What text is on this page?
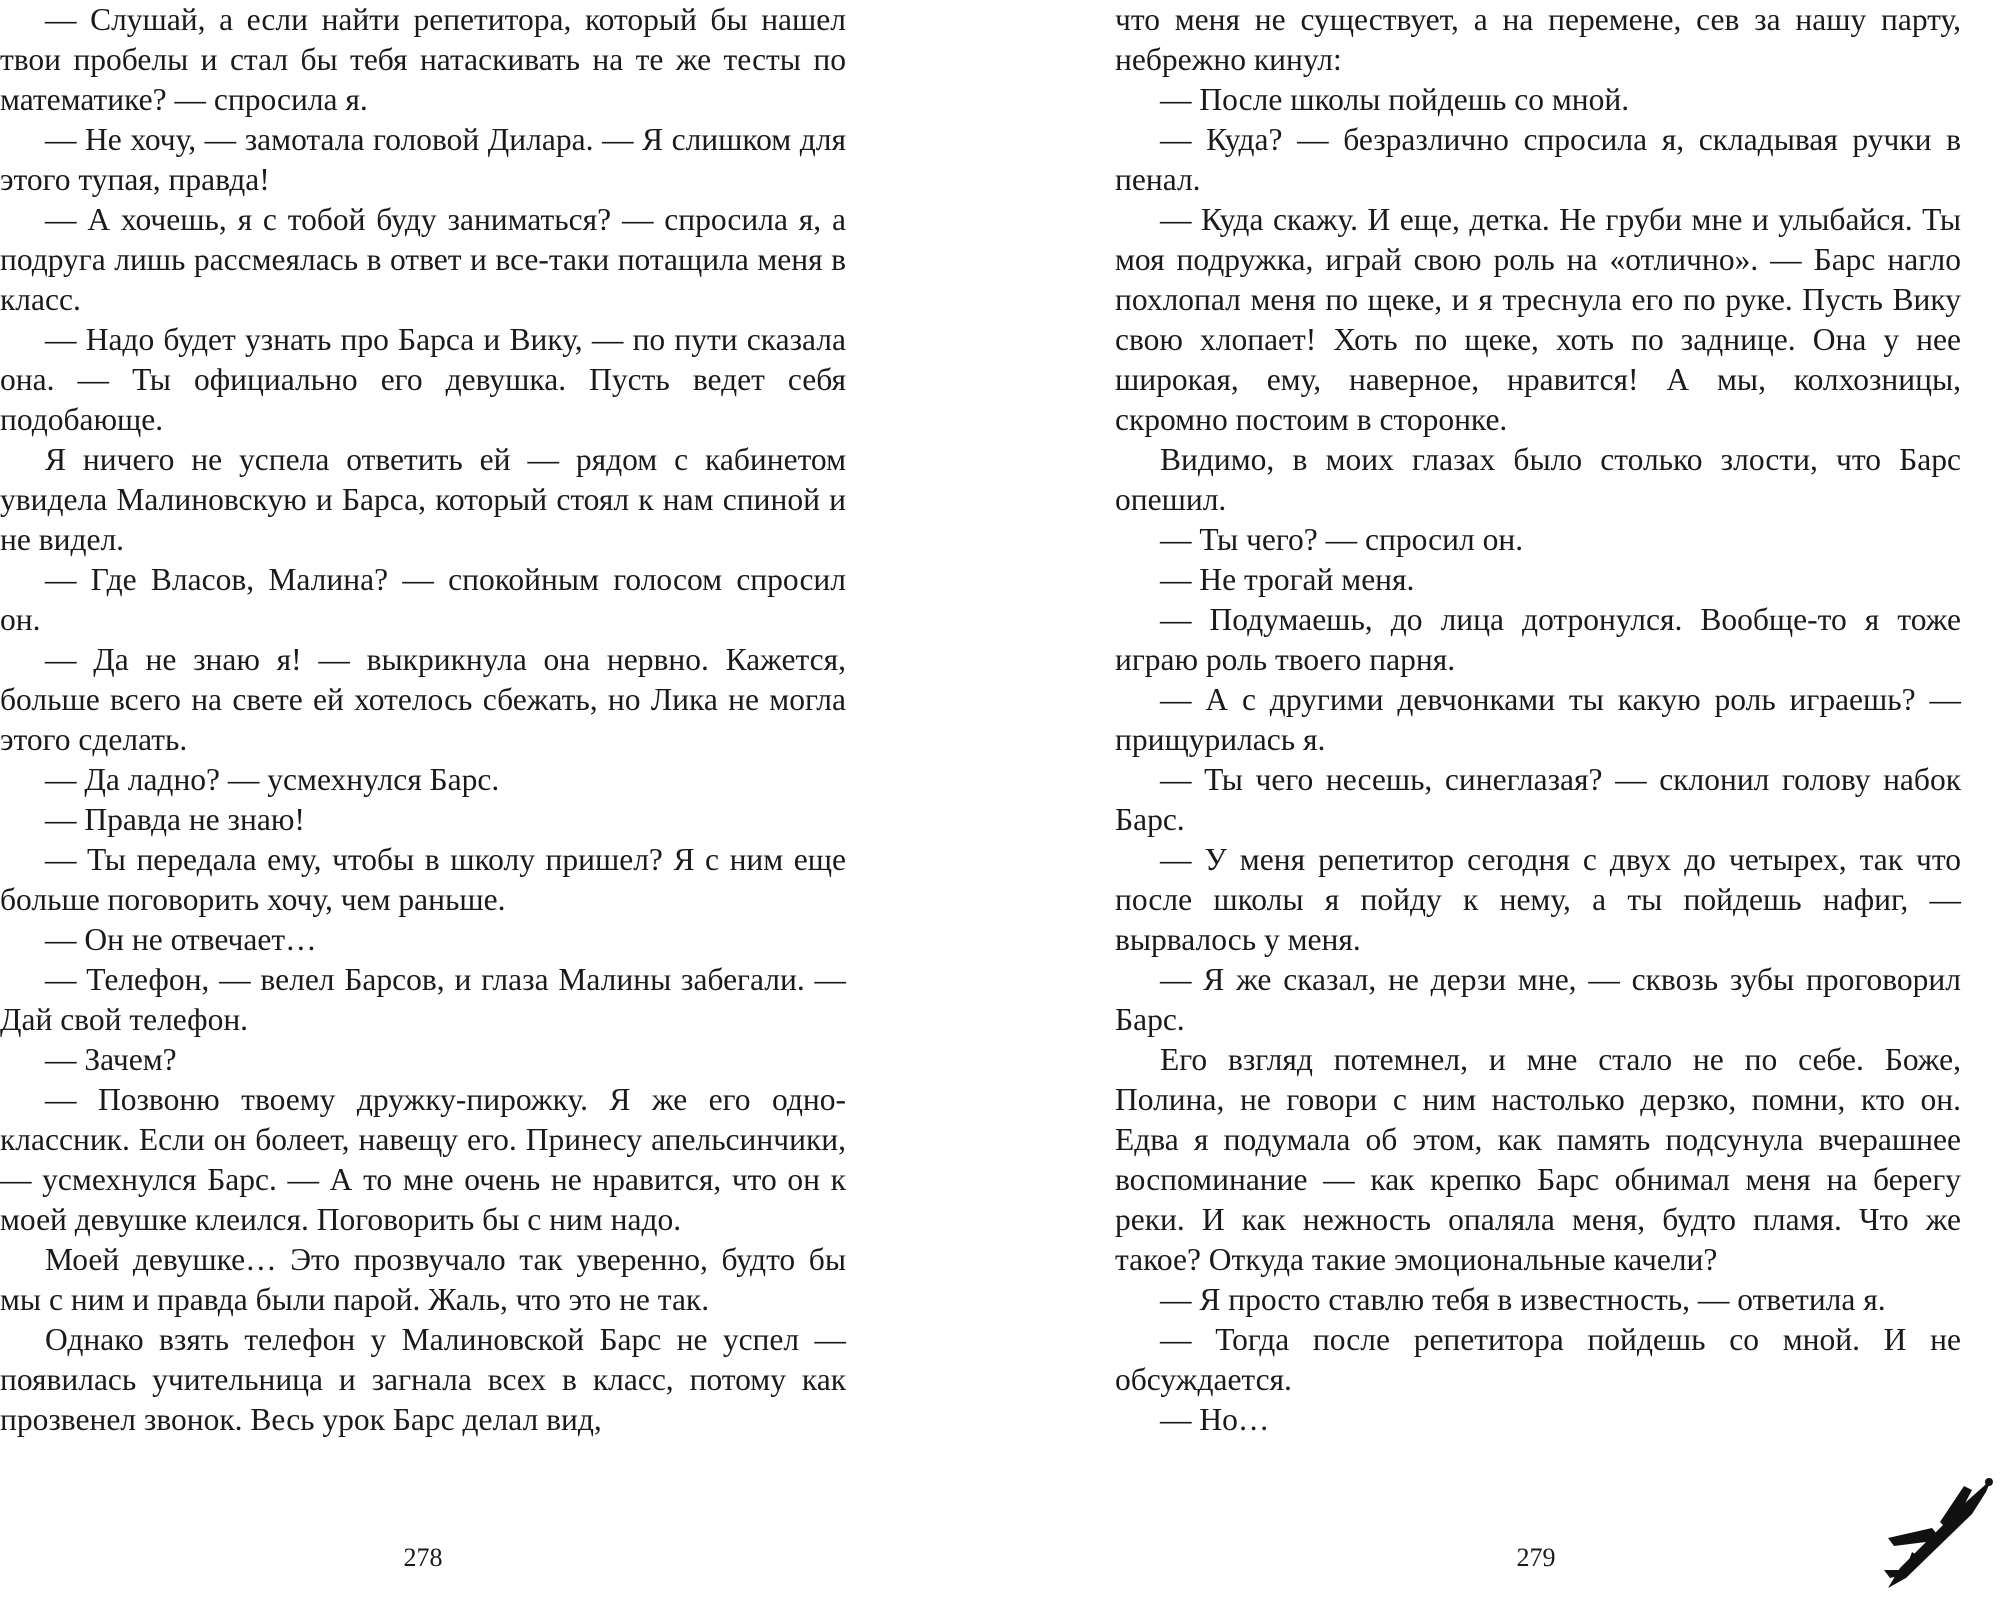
— Слушай, а если найти репетитора, который бы нашел твои пробелы и стал бы тебя натаскивать на те же тесты по математике? — спросила я.

— Не хочу, — замотала головой Дилара. — Я слишком для этого тупая, правда!

— А хочешь, я с тобой буду заниматься? — спросила я, а подруга лишь рассмеялась в ответ и все-таки потащила меня в класс.

— Надо будет узнать про Барса и Вику, — по пути сказала она. — Ты официально его девушка. Пусть ведет себя подобающе.

Я ничего не успела ответить ей — рядом с кабинетом увидела Малиновскую и Барса, который стоял к нам спиной и не видел.

— Где Власов, Малина? — спокойным голосом спросил он.

— Да не знаю я! — выкрикнула она нервно. Кажется, больше всего на свете ей хотелось сбежать, но Лика не могла этого сделать.

— Да ладно? — усмехнулся Барс.

— Правда не знаю!

— Ты передала ему, чтобы в школу пришел? Я с ним еще больше поговорить хочу, чем раньше.

— Он не отвечает…

— Телефон, — велел Барсов, и глаза Малины забегали. — Дай свой телефон.

— Зачем?

— Позвоню твоему дружку-пирожку. Я же его одноклассник. Если он болеет, навещу его. Принесу апельсинчики, — усмехнулся Барс. — А то мне очень не нравится, что он к моей девушке клеился. Поговорить бы с ним надо.

Моей девушке… Это прозвучало так уверенно, будто бы мы с ним и правда были парой. Жаль, что это не так.

Однако взять телефон у Малиновской Барс не успел — появилась учительница и загнала всех в класс, потому как прозвенел звонок. Весь урок Барс делал вид,

278

что меня не существует, а на перемене, сев за нашу парту, небрежно кинул:

— После школы пойдешь со мной.

— Куда? — безразлично спросила я, складывая ручки в пенал.

— Куда скажу. И еще, детка. Не груби мне и улыбайся. Ты моя подружка, играй свою роль на «отлично». — Барс нагло похлопал меня по щеке, и я треснула его по руке. Пусть Вику свою хлопает! Хоть по щеке, хоть по заднице. Она у нее широкая, ему, наверное, нравится! А мы, колхозницы, скромно постоим в сторонке.

Видимо, в моих глазах было столько злости, что Барс опешил.

— Ты чего? — спросил он.

— Не трогай меня.

— Подумаешь, до лица дотронулся. Вообще-то я тоже играю роль твоего парня.

— А с другими девчонками ты какую роль играешь? — прищурилась я.

— Ты чего несешь, синеглазая? — склонил голову набок Барс.

— У меня репетитор сегодня с двух до четырех, так что после школы я пойду к нему, а ты пойдешь нафиг, — вырвалось у меня.

— Я же сказал, не дерзи мне, — сквозь зубы проговорил Барс.

Его взгляд потемнел, и мне стало не по себе. Боже, Полина, не говори с ним настолько дерзко, помни, кто он. Едва я подумала об этом, как память подсунула вчерашнее воспоминание — как крепко Барс обнимал меня на берегу реки. И как нежность опаляла меня, будто пламя. Что же такое? Откуда такие эмоциональные качели?

— Я просто ставлю тебя в известность, — ответила я.

— Тогда после репетитора пойдешь со мной. И не обсуждается.

— Но…

279
